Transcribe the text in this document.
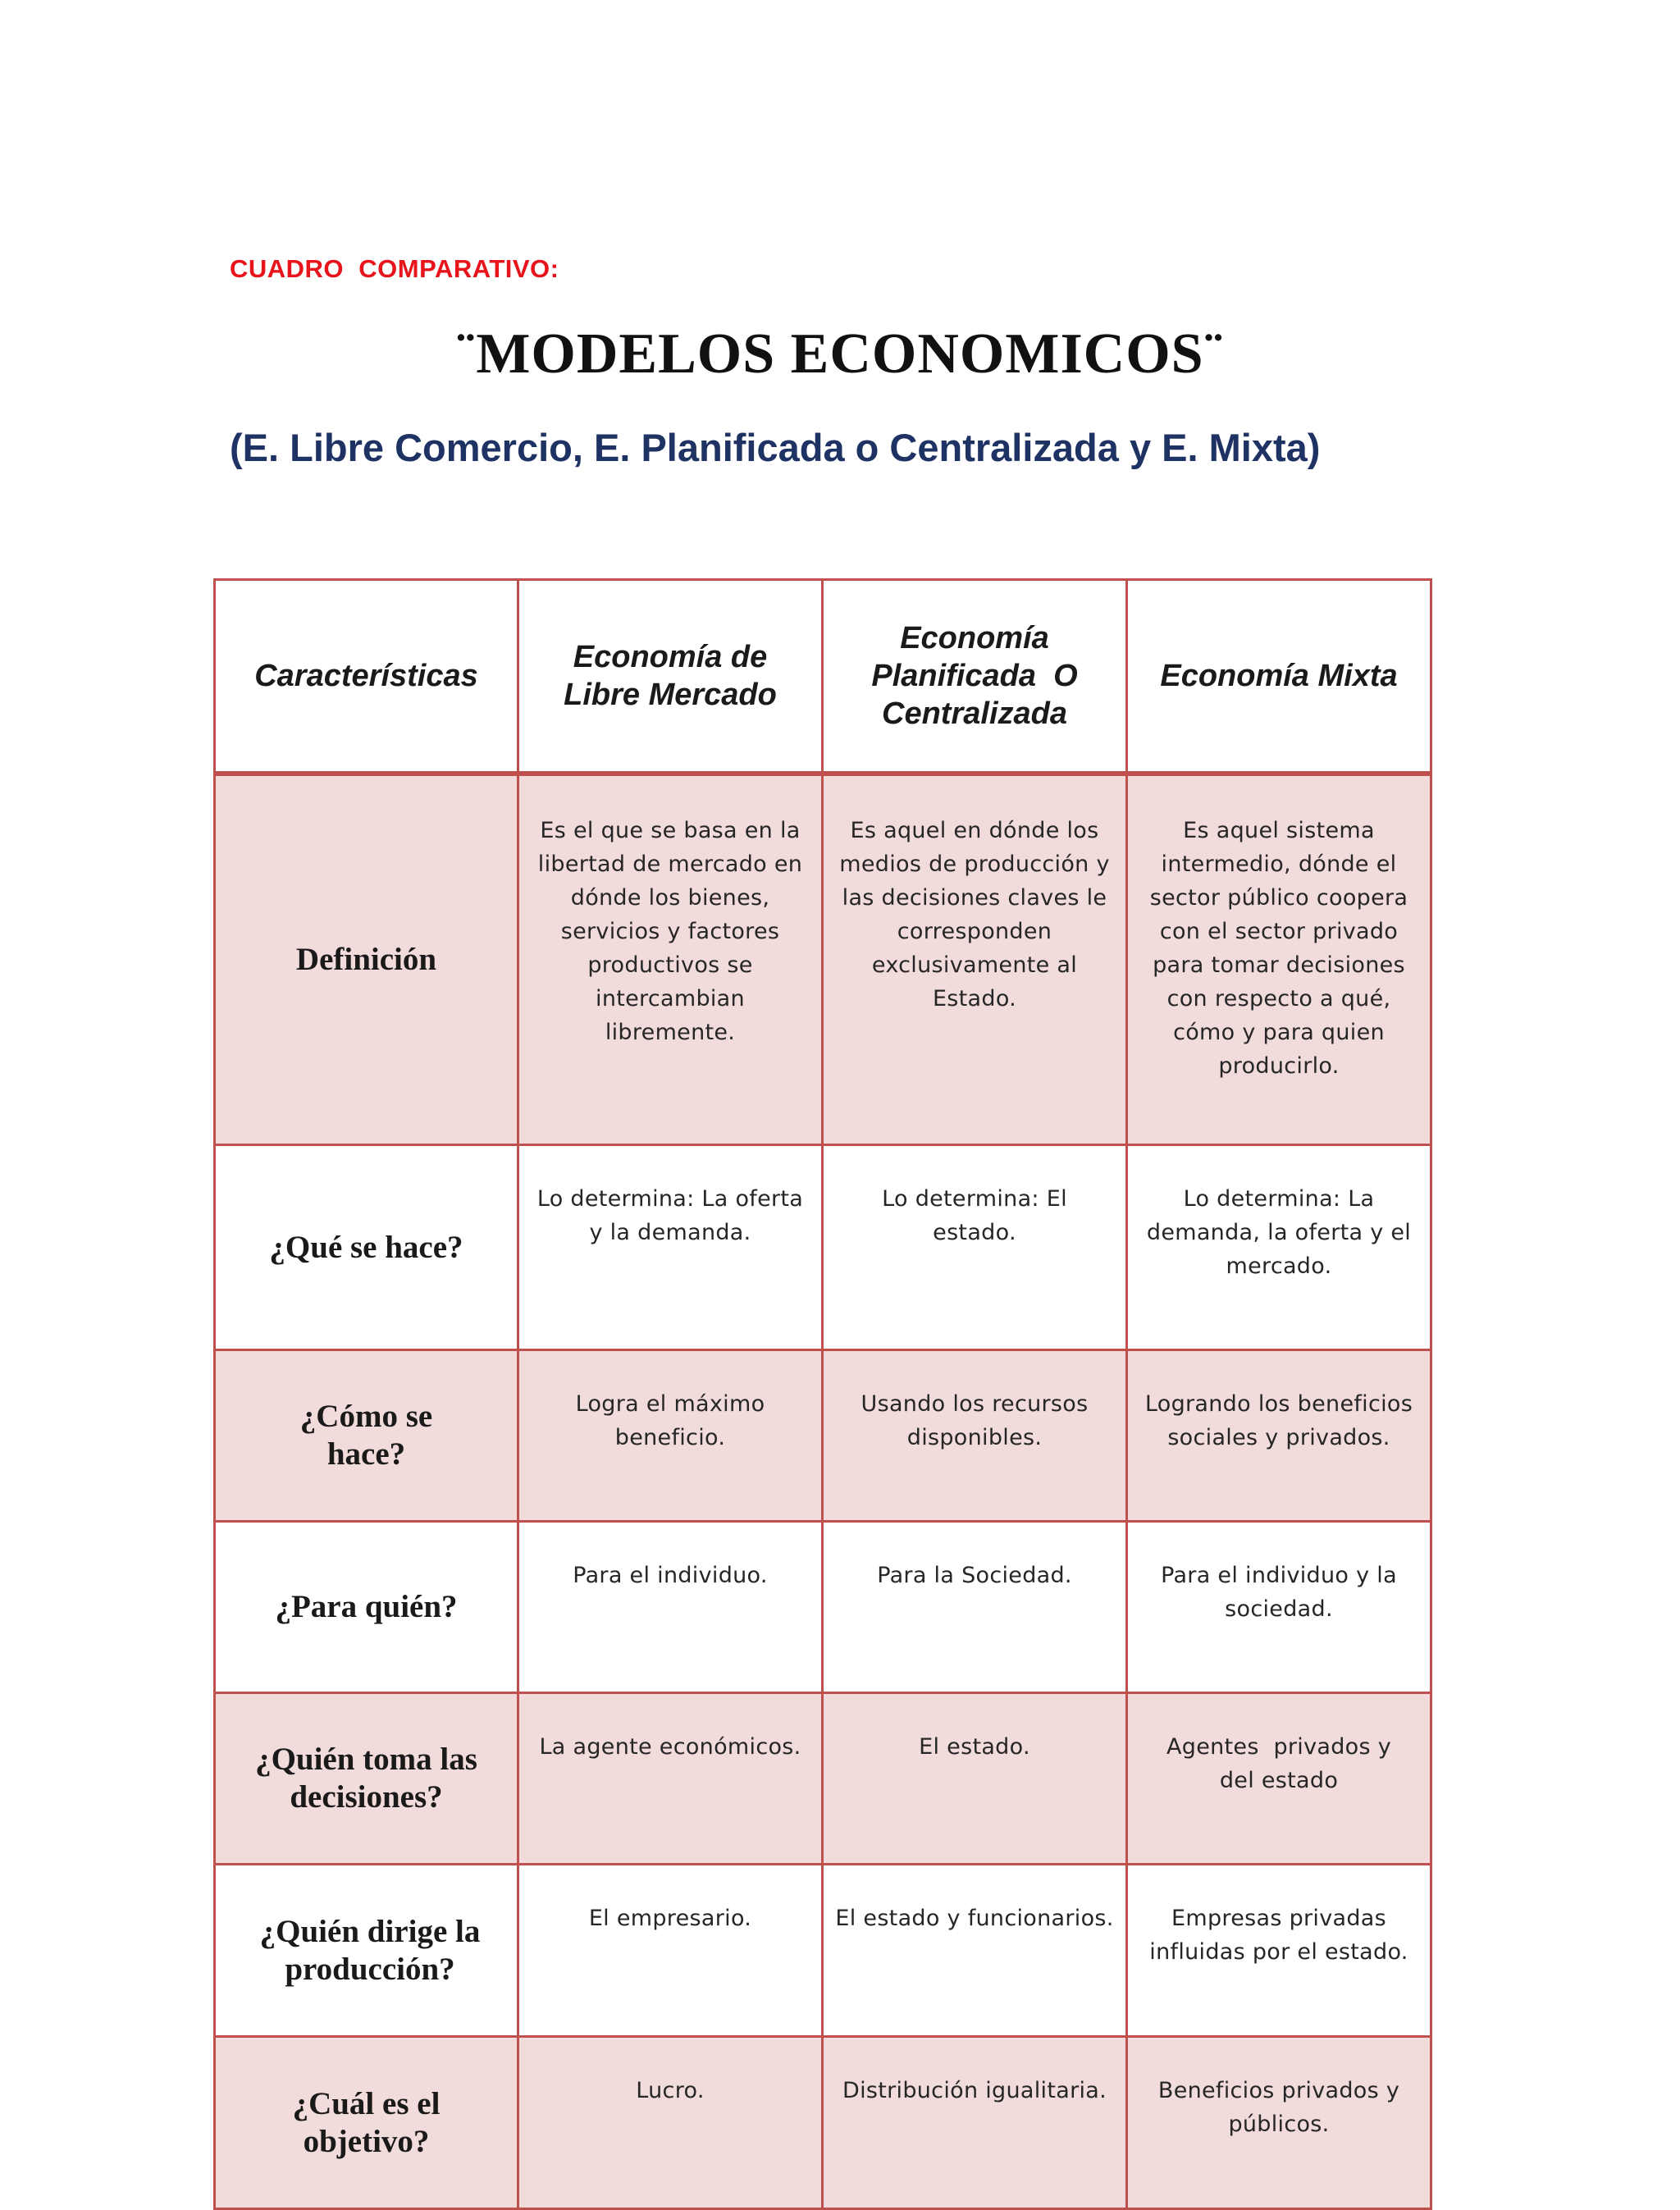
CUADRO  COMPARATIVO:
¨MODELOS ECONOMICOS¨
(E. Libre Comercio, E. Planificada o Centralizada y E. Mixta)
Características	Economía de Libre Mercado	Economía Planificada  O Centralizada	Economía Mixta
Definición	Es el que se basa en la libertad de mercado en dónde los bienes, servicios y factores productivos se intercambian libremente.	Es aquel en dónde los medios de producción y las decisiones claves le corresponden exclusivamente al Estado.	Es aquel sistema intermedio, dónde el sector público coopera con el sector privado para tomar decisiones con respecto a qué, cómo y para quien producirlo.
¿Qué se hace?	Lo determina: La oferta y la demanda.	Lo determina: El estado.	Lo determina: La demanda, la oferta y el mercado.
¿Cómo se hace?	Logra el máximo beneficio.	Usando los recursos disponibles.	Logrando los beneficios sociales y privados.
¿Para quién?	Para el individuo.	Para la Sociedad.	Para el individuo y la sociedad.
¿Quién toma las decisiones?	La agente económicos.	El estado.	Agentes  privados y del estado
¿Quién dirige la producción?	El empresario.	El estado y funcionarios.	Empresas privadas influidas por el estado.
¿Cuál es el objetivo?	Lucro.	Distribución igualitaria.	Beneficios privados y públicos.
